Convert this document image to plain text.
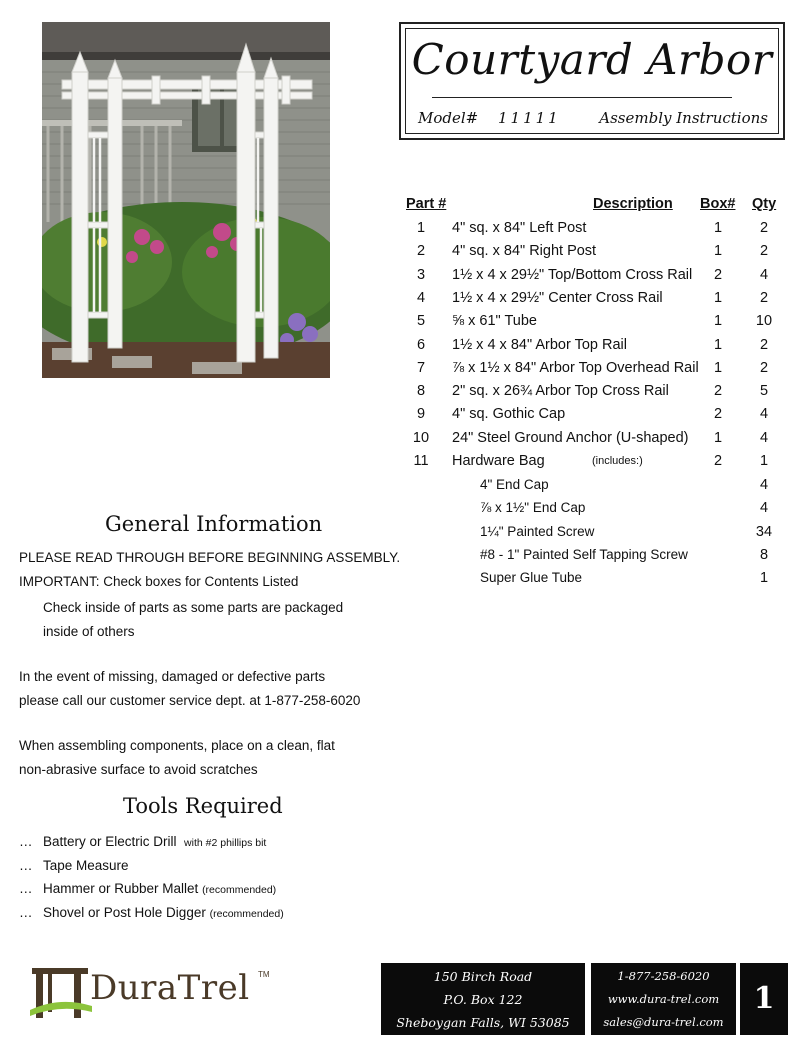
Courtyard Arbor
Model# 11111	Assembly Instructions
Part #	Description Box# Qty
1	4" sq. x 84" Left Post	1	2
2	4" sq. x 84" Right Post	1	2
3	1½ x 4 x 29½" Top/Bottom Cross Rail	2	4
4	1½ x 4 x 29½" Center Cross Rail	1	2
5	⅝ x 61" Tube	1	10
6	1½ x 4 x 84" Arbor Top Rail	1	2
7	⅞ x 1½ x 84" Arbor Top Overhead Rail	1	2
8	2" sq. x 26¾ Arbor Top Cross Rail	2	5
9	4" sq. Gothic Cap	2	4
10	24" Steel Ground Anchor (U-shaped)	1	4
11	Hardware Bag	(includes:)	2	1
4" End Cap	4
⅞ x 1½" End Cap	4
1¼" Painted Screw	34
#8 - 1" Painted Self Tapping Screw	8
Super Glue Tube	1
General Information
PLEASE READ THROUGH BEFORE BEGINNING ASSEMBLY.
IMPORTANT: Check boxes for Contents Listed
Check inside of parts as some parts are packaged
inside of others
In the event of missing, damaged or defective parts
please call our customer service dept. at 1-877-258-6020
When assembling components, place on a clean, flat
non-abrasive surface to avoid scratches
Tools Required
… Battery or Electric Drill with #2 phillips bit
… Tape Measure
… Hammer or Rubber Mallet (recommended)
… Shovel or Post Hole Digger (recommended)
DuraTrel TM	150 Birch Road
P.O. Box 122
Sheboygan Falls, WI 53085
1-877-258-6020
www.dura-trel.com
sales@dura-trel.com
1
